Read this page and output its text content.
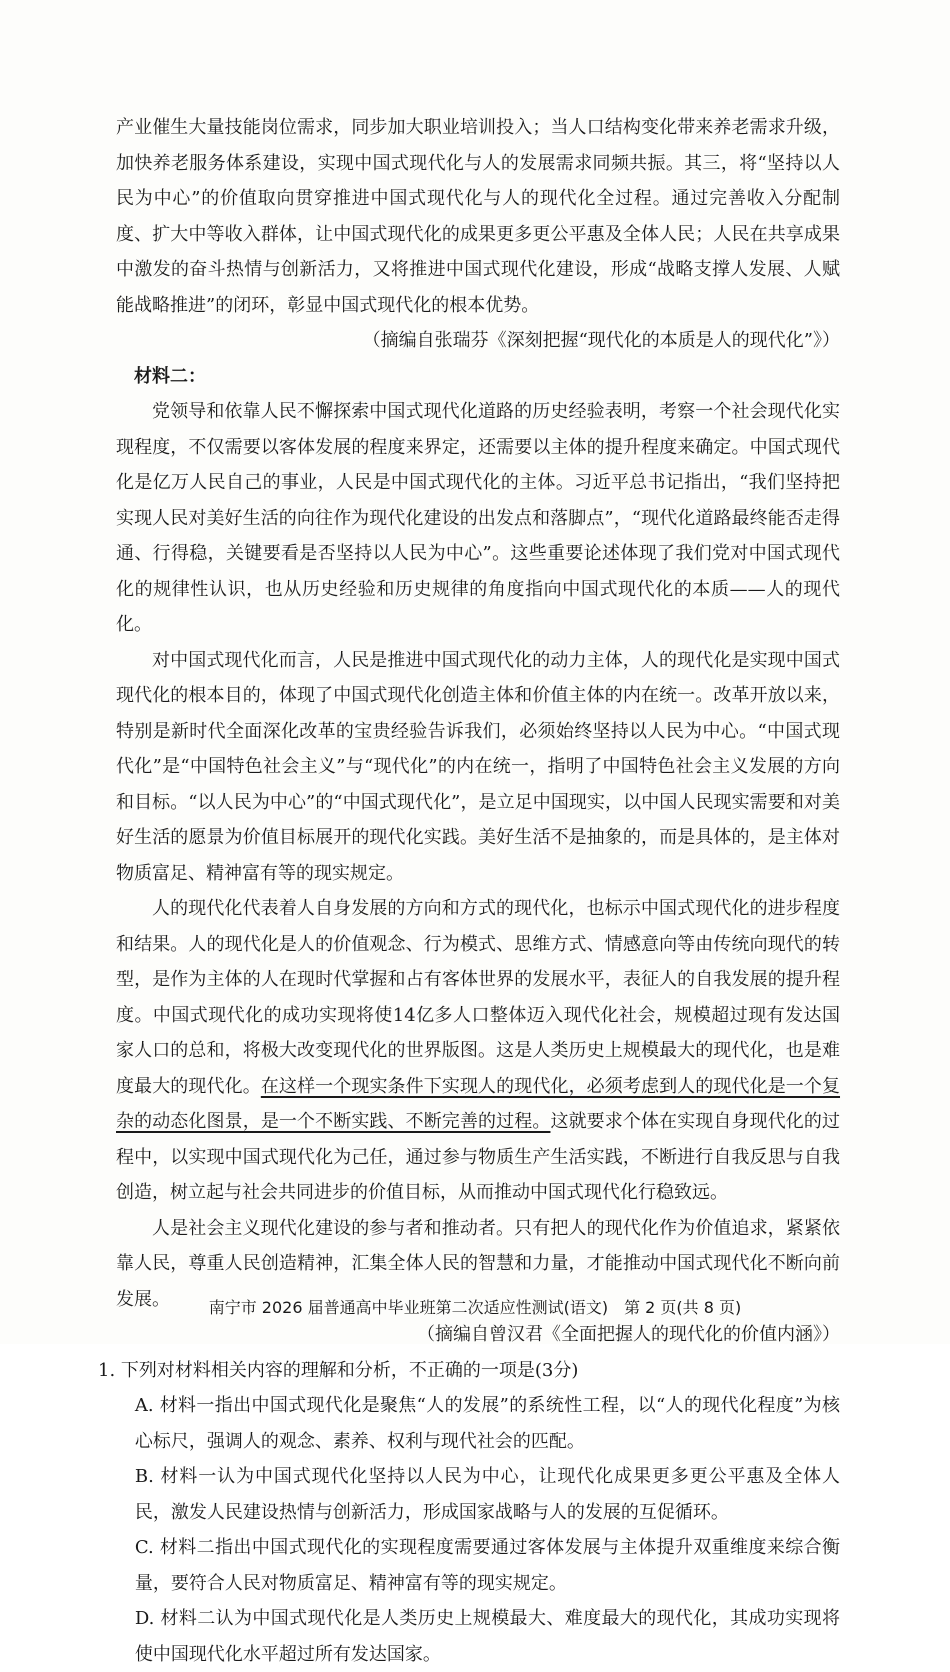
产业催生大量技能岗位需求，同步加大职业培训投入；当人口结构变化带来养老需求升级，加快养老服务体系建设，实现中国式现代化与人的发展需求同频共振。其三，将“坚持以人民为中心”的价值取向贯穿推进中国式现代化与人的现代化全过程。通过完善收入分配制度、扩大中等收入群体，让中国式现代化的成果更多更公平惠及全体人民；人民在共享成果中激发的奋斗热情与创新活力，又将推进中国式现代化建设，形成“战略支撑人发展、人赋能战略推进”的闭环，彰显中国式现代化的根本优势。

（摘编自张瑞芬《深刻把握“现代化的本质是人的现代化”》）

材料二：

党领导和依靠人民不懈探索中国式现代化道路的历史经验表明，考察一个社会现代化实现程度，不仅需要以客体发展的程度来界定，还需要以主体的提升程度来确定。中国式现代化是亿万人民自己的事业，人民是中国式现代化的主体。习近平总书记指出，“我们坚持把实现人民对美好生活的向往作为现代化建设的出发点和落脚点”，“现代化道路最终能否走得通、行得稳，关键要看是否坚持以人民为中心”。这些重要论述体现了我们党对中国式现代化的规律性认识，也从历史经验和历史规律的角度指向中国式现代化的本质——人的现代化。

对中国式现代化而言，人民是推进中国式现代化的动力主体，人的现代化是实现中国式现代化的根本目的，体现了中国式现代化创造主体和价值主体的内在统一。改革开放以来，特别是新时代全面深化改革的宝贵经验告诉我们，必须始终坚持以人民为中心。“中国式现代化”是“中国特色社会主义”与“现代化”的内在统一，指明了中国特色社会主义发展的方向和目标。“以人民为中心”的“中国式现代化”，是立足中国现实，以中国人民现实需要和对美好生活的愿景为价值目标展开的现代化实践。美好生活不是抽象的，而是具体的，是主体对物质富足、精神富有等的现实规定。

人的现代化代表着人自身发展的方向和方式的现代化，也标示中国式现代化的进步程度和结果。人的现代化是人的价值观念、行为模式、思维方式、情感意向等由传统向现代的转型，是作为主体的人在现时代掌握和占有客体世界的发展水平，表征人的自我发展的提升程度。中国式现代化的成功实现将使14亿多人口整体迈入现代化社会，规模超过现有发达国家人口的总和，将极大改变现代化的世界版图。这是人类历史上规模最大的现代化，也是难度最大的现代化。在这样一个现实条件下实现人的现代化，必须考虑到人的现代化是一个复杂的动态化图景，是一个不断实践、不断完善的过程。这就要求个体在实现自身现代化的过程中，以实现中国式现代化为己任，通过参与物质生产生活实践，不断进行自我反思与自我创造，树立起与社会共同进步的价值目标，从而推动中国式现代化行稳致远。

人是社会主义现代化建设的参与者和推动者。只有把人的现代化作为价值追求，紧紧依靠人民，尊重人民创造精神，汇集全体人民的智慧和力量，才能推动中国式现代化不断向前发展。

（摘编自曾汉君《全面把握人的现代化的价值内涵》）

1. 下列对材料相关内容的理解和分析，不正确的一项是(3分)

A. 材料一指出中国式现代化是聚焦“人的发展”的系统性工程，以“人的现代化程度”为核心标尺，强调人的观念、素养、权利与现代社会的匹配。

B. 材料一认为中国式现代化坚持以人民为中心，让现代化成果更多更公平惠及全体人民，激发人民建设热情与创新活力，形成国家战略与人的发展的互促循环。

C. 材料二指出中国式现代化的实现程度需要通过客体发展与主体提升双重维度来综合衡量，要符合人民对物质富足、精神富有等的现实规定。

D. 材料二认为中国式现代化是人类历史上规模最大、难度最大的现代化，其成功实现将使中国现代化水平超过所有发达国家。

南宁市 2026 届普通高中毕业班第二次适应性测试(语文)　第 2 页(共 8 页)
